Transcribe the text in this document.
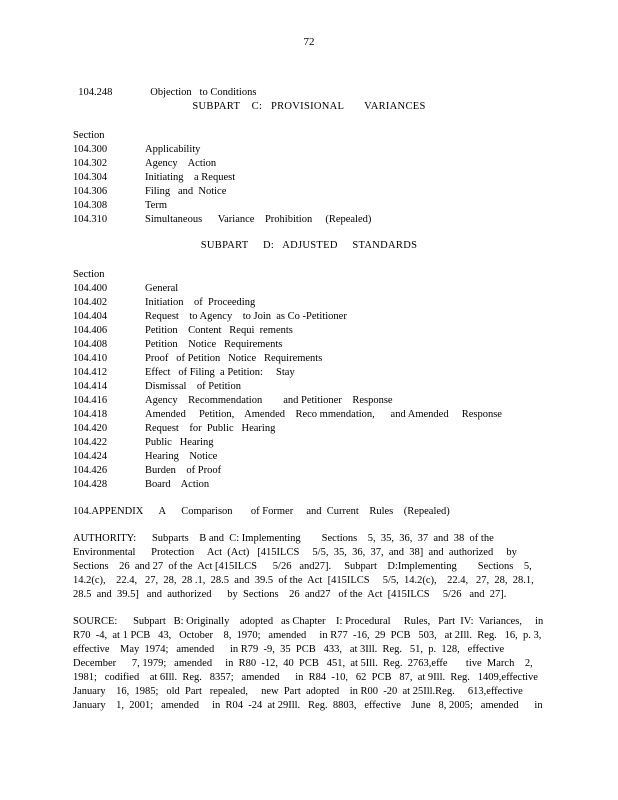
72

104.248	Objection   to Conditions

SUBPART    C:   PROVISIONAL       VARIANCES
Section
104.300	Applicability
104.302	Agency    Action
104.304	Initiating    a Request
104.306	Filing   and  Notice
104.308	Term
104.310	Simultaneous      Variance    Prohibition     (Repealed)
SUBPART     D:   ADJUSTED     STANDARDS
Section
104.400	General
104.402	Initiation    of  Proceeding
104.404	Request    to Agency    to Join  as Co -Petitioner
104.406	Petition    Content   Requi  rements
104.408	Petition    Notice   Requirements
104.410	Proof   of Petition   Notice   Requirements
104.412	Effect   of Filing  a Petition:     Stay
104.414	Dismissal    of Petition
104.416	Agency    Recommendation        and Petitioner    Response
104.418	Amended     Petition,    Amended    Reco mmendation,      and Amended     Response
104.420	Request    for  Public   Hearing
104.422	Public   Hearing
104.424	Hearing    Notice
104.426	Burden    of Proof
104.428	Board    Action
104.APPENDIX      A      Comparison       of Former     and  Current    Rules    (Repealed)
AUTHORITY:      Subparts    B and  C: Implementing        Sections    5,  35,  36,  37  and  38  of the
Environmental      Protection     Act  (Act)   [415ILCS     5/5,  35,  36,  37,  and  38]  and  authorized     by
Sections    26  and 27  of the  Act [415ILCS      5/26   and27].     Subpart    D:Implementing        Sections    5,
14.2(c),    22.4,   27,  28,  28 .1,  28.5  and  39.5  of the  Act  [415ILCS     5/5,  14.2(c),    22.4,   27,  28,  28.1,
28.5  and  39.5]   and  authorized      by  Sections    26  and27   of the  Act  [415ILCS     5/26   and  27].
SOURCE:      Subpart   B: Originally    adopted   as Chapter    I: Procedural     Rules,   Part  IV:  Variances,     in
R70  -4,  at 1 PCB   43,   October    8,  1970;   amended     in R77  -16,  29  PCB   503,   at 2Ill.  Reg.   16,  p. 3,
effective    May  1974;   amended      in R79  -9,  35  PCB   433,   at 3Ill.  Reg.   51,  p.  128,   effective
December      7, 1979;   amended     in  R80  -12,  40  PCB   451,  at 5Ill.  Reg.  2763,effe       tive  March    2,
1981;   codified    at 6Ill.  Reg.   8357;   amended      in  R84  -10,   62  PCB   87,  at 9Ill.  Reg.   1409,effective
January    16,  1985;   old  Part   repealed,     new  Part  adopted    in R00  -20  at 25Ill.Reg.     613,effective
January    1,  2001;   amended     in  R04  -24  at 29Ill.   Reg.  8803,   effective    June   8, 2005;   amended      in
